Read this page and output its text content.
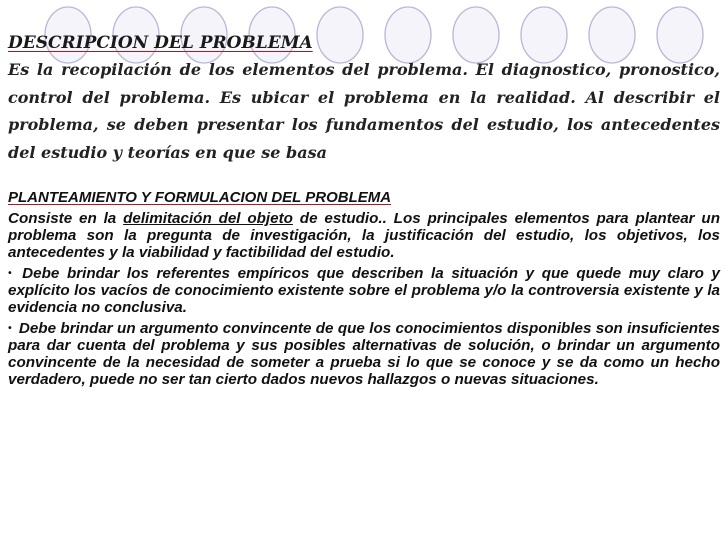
DESCRIPCION DEL PROBLEMA

Es la recopilación de los elementos del problema. El diagnostico, pronostico, control del problema. Es ubicar el problema en la realidad. Al describir el problema, se deben presentar los fundamentos del estudio, los antecedentes del estudio y teorías en que se basa

PLANTEAMIENTO Y FORMULACION DEL PROBLEMA

Consiste en la delimitación del objeto de estudio.. Los principales elementos para plantear un problema son la pregunta de investigación, la justificación del estudio, los objetivos, los antecedentes y la viabilidad y factibilidad del estudio.

• Debe brindar los referentes empíricos que describen la situación y que quede muy claro y explícito los vacíos de conocimiento existente sobre el problema y/o la controversia existente y la evidencia no conclusiva.

• Debe brindar un argumento convincente de que los conocimientos disponibles son insuficientes para dar cuenta del problema y sus posibles alternativas de solución, o brindar un argumento convincente de la necesidad de someter a prueba si lo que se conoce y se da como un hecho verdadero, puede no ser tan cierto dados nuevos hallazgos o nuevas situaciones.
